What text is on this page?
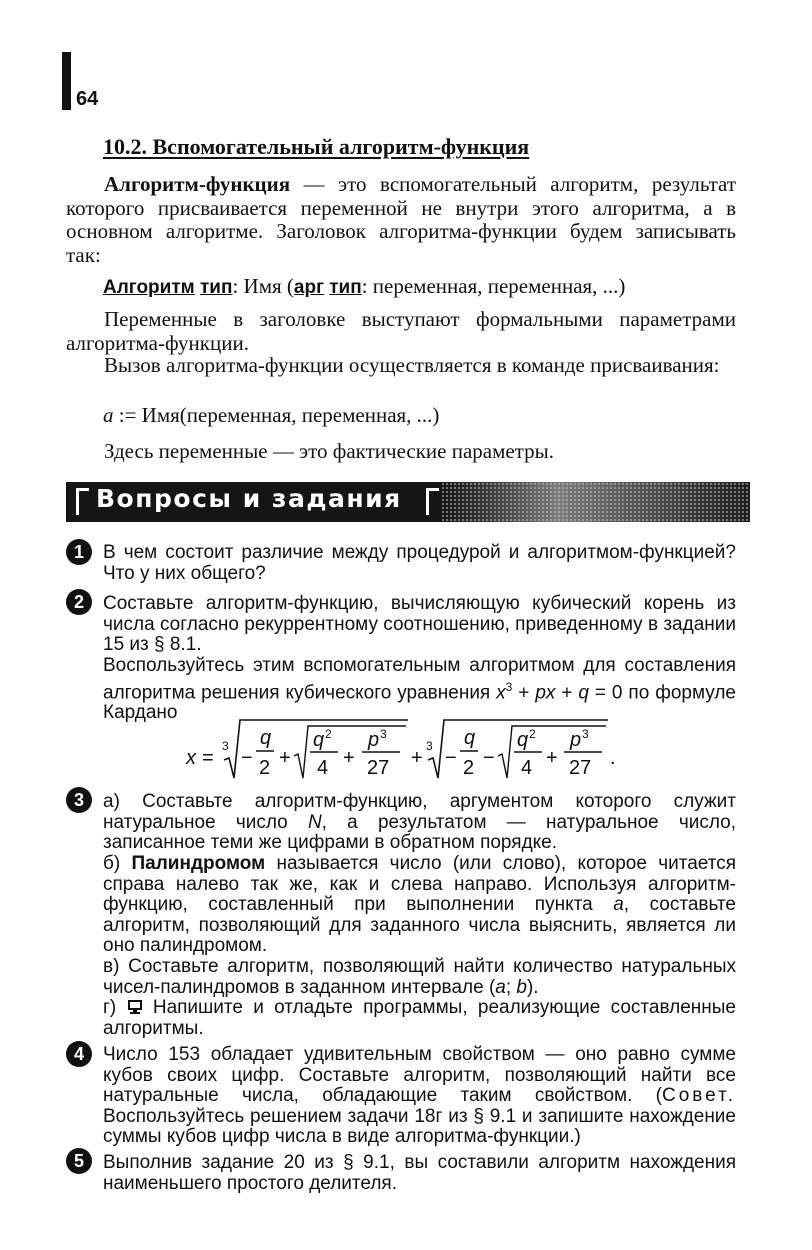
64
10.2. Вспомогательный алгоритм-функция
Алгоритм-функция — это вспомогательный алгоритм, результат которого присваивается переменной не внутри этого алгоритма, а в основном алгоритме. Заголовок алгоритма-функции будем записывать так:
Алгоритм тип: Имя (арг тип: переменная, переменная, ...)
Переменные в заголовке выступают формальными параметрами алгоритма-функции.
Вызов алгоритма-функции осуществляется в команде присваивания:
a := Имя(переменная, переменная, ...)
Здесь переменные — это фактические параметры.
Вопросы и задания
1	В чем состоит различие между процедурой и алгоритмом-функцией? Что у них общего?
2	Составьте алгоритм-функцию, вычисляющую кубический корень из числа согласно рекуррентному соотношению, приведенному в задании 15 из § 8.1.
Воспользуйтесь этим вспомогательным алгоритмом для составления алгоритма решения кубического уравнения $x^3$ + px + q = 0 по формуле Кардано
x =
3
−
q
2 +
q 2
4 +
p 3
27 +
3
−
q
2 −
q 2
4 +
p 3
27 .
3	а) Составьте алгоритм-функцию, аргументом которого служит натуральное число N, а результатом — натуральное число, записанное теми же цифрами в обратном порядке.
б) Палиндромом называется число (или слово), которое читается справа налево так же, как и слева направо. Используя алгоритм-функцию, составленный при выполнении пункта а, составьте алгоритм, позволяющий для заданного числа выяснить, является ли оно палиндромом.
в) Составьте алгоритм, позволяющий найти количество натуральных чисел-палиндромов в заданном интервале (a; b).
г)  Напишите и отладьте программы, реализующие составленные алгоритмы.
4	Число 153 обладает удивительным свойством — оно равно сумме кубов своих цифр. Составьте алгоритм, позволяющий найти все натуральные числа, обладающие таким свойством. (Совет. Воспользуйтесь решением задачи 18г из § 9.1 и запишите нахождение суммы кубов цифр числа в виде алгоритма-функции.)
5	Выполнив задание 20 из § 9.1, вы составили алгоритм нахождения наименьшего простого делителя.
